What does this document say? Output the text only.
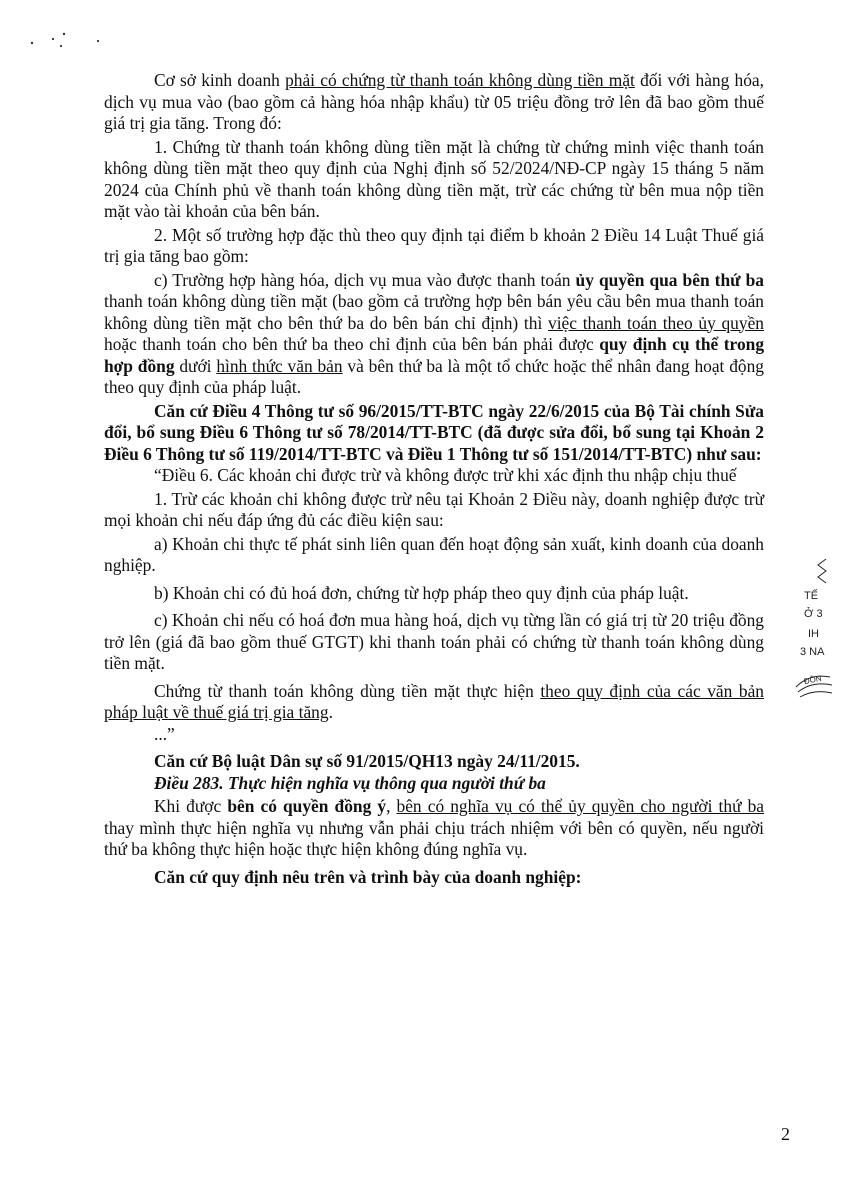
Cơ sở kinh doanh phải có chứng từ thanh toán không dùng tiền mặt đối với hàng hóa, dịch vụ mua vào (bao gồm cả hàng hóa nhập khẩu) từ 05 triệu đồng trở lên đã bao gồm thuế giá trị gia tăng. Trong đó:

1. Chứng từ thanh toán không dùng tiền mặt là chứng từ chứng minh việc thanh toán không dùng tiền mặt theo quy định của Nghị định số 52/2024/NĐ-CP ngày 15 tháng 5 năm 2024 của Chính phủ về thanh toán không dùng tiền mặt, trừ các chứng từ bên mua nộp tiền mặt vào tài khoản của bên bán.

2. Một số trường hợp đặc thù theo quy định tại điểm b khoản 2 Điều 14 Luật Thuế giá trị gia tăng bao gồm:

c) Trường hợp hàng hóa, dịch vụ mua vào được thanh toán ủy quyền qua bên thứ ba thanh toán không dùng tiền mặt (bao gồm cả trường hợp bên bán yêu cầu bên mua thanh toán không dùng tiền mặt cho bên thứ ba do bên bán chỉ định) thì việc thanh toán theo ủy quyền hoặc thanh toán cho bên thứ ba theo chỉ định của bên bán phải được quy định cụ thể trong hợp đồng dưới hình thức văn bản và bên thứ ba là một tổ chức hoặc thể nhân đang hoạt động theo quy định của pháp luật.

Căn cứ Điều 4 Thông tư số 96/2015/TT-BTC ngày 22/6/2015 của Bộ Tài chính Sửa đổi, bổ sung Điều 6 Thông tư số 78/2014/TT-BTC (đã được sửa đổi, bổ sung tại Khoản 2 Điều 6 Thông tư số 119/2014/TT-BTC và Điều 1 Thông tư số 151/2014/TT-BTC) như sau:

“Điều 6. Các khoản chi được trừ và không được trừ khi xác định thu nhập chịu thuế

1. Trừ các khoản chi không được trừ nêu tại Khoản 2 Điều này, doanh nghiệp được trừ mọi khoản chi nếu đáp ứng đủ các điều kiện sau:

a) Khoản chi thực tế phát sinh liên quan đến hoạt động sản xuất, kinh doanh của doanh nghiệp.

b) Khoản chi có đủ hoá đơn, chứng từ hợp pháp theo quy định của pháp luật.

c) Khoản chi nếu có hoá đơn mua hàng hoá, dịch vụ từng lần có giá trị từ 20 triệu đồng trở lên (giá đã bao gồm thuế GTGT) khi thanh toán phải có chứng từ thanh toán không dùng tiền mặt.

Chứng từ thanh toán không dùng tiền mặt thực hiện theo quy định của các văn bản pháp luật về thuế giá trị gia tăng.

...”

Căn cứ Bộ luật Dân sự số 91/2015/QH13 ngày 24/11/2015.

Điều 283. Thực hiện nghĩa vụ thông qua người thứ ba

Khi được bên có quyền đồng ý, bên có nghĩa vụ có thể ủy quyền cho người thứ ba thay mình thực hiện nghĩa vụ nhưng vẫn phải chịu trách nhiệm với bên có quyền, nếu người thứ ba không thực hiện hoặc thực hiện không đúng nghĩa vụ.

Căn cứ quy định nêu trên và trình bày của doanh nghiệp:

2
TẾ
Ở 3
IH
3 NA
ĐỒN
